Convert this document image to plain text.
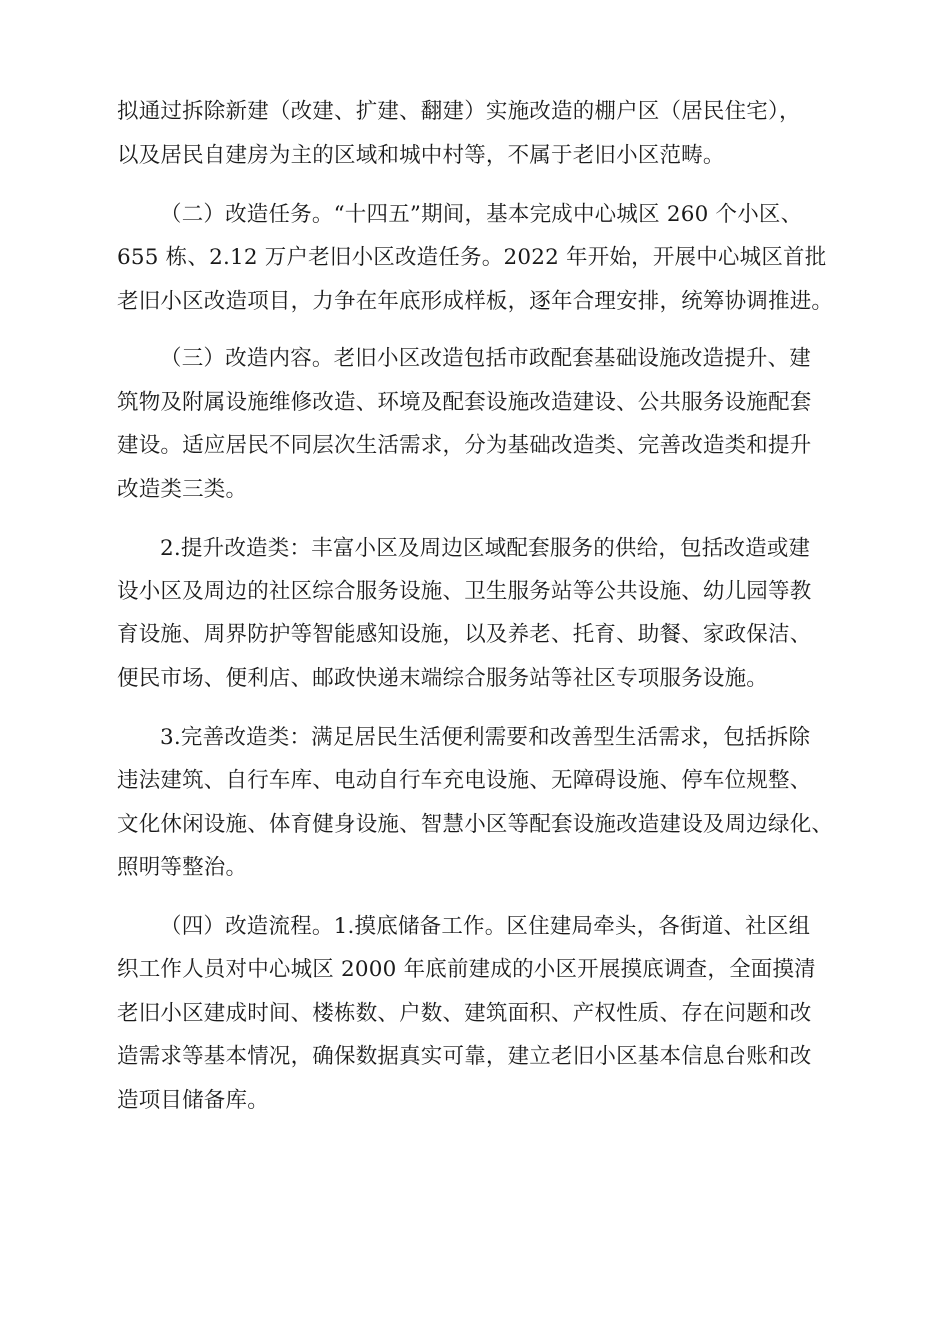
拟通过拆除新建（改建、扩建、翻建）实施改造的棚户区（居民住宅），
以及居民自建房为主的区域和城中村等，不属于老旧小区范畴。
（二）改造任务。“十四五”期间，基本完成中心城区 260 个小区、
655 栋、2.12 万户老旧小区改造任务。2022 年开始，开展中心城区首批
老旧小区改造项目，力争在年底形成样板，逐年合理安排，统筹协调推进。
（三）改造内容。老旧小区改造包括市政配套基础设施改造提升、建
筑物及附属设施维修改造、环境及配套设施改造建设、公共服务设施配套
建设。适应居民不同层次生活需求，分为基础改造类、完善改造类和提升
改造类三类。
2.提升改造类：丰富小区及周边区域配套服务的供给，包括改造或建
设小区及周边的社区综合服务设施、卫生服务站等公共设施、幼儿园等教
育设施、周界防护等智能感知设施，以及养老、托育、助餐、家政保洁、
便民市场、便利店、邮政快递末端综合服务站等社区专项服务设施。
3.完善改造类：满足居民生活便利需要和改善型生活需求，包括拆除
违法建筑、自行车库、电动自行车充电设施、无障碍设施、停车位规整、
文化休闲设施、体育健身设施、智慧小区等配套设施改造建设及周边绿化、
照明等整治。
（四）改造流程。1.摸底储备工作。区住建局牵头，各街道、社区组
织工作人员对中心城区 2000 年底前建成的小区开展摸底调查，全面摸清
老旧小区建成时间、楼栋数、户数、建筑面积、产权性质、存在问题和改
造需求等基本情况，确保数据真实可靠，建立老旧小区基本信息台账和改
造项目储备库。
